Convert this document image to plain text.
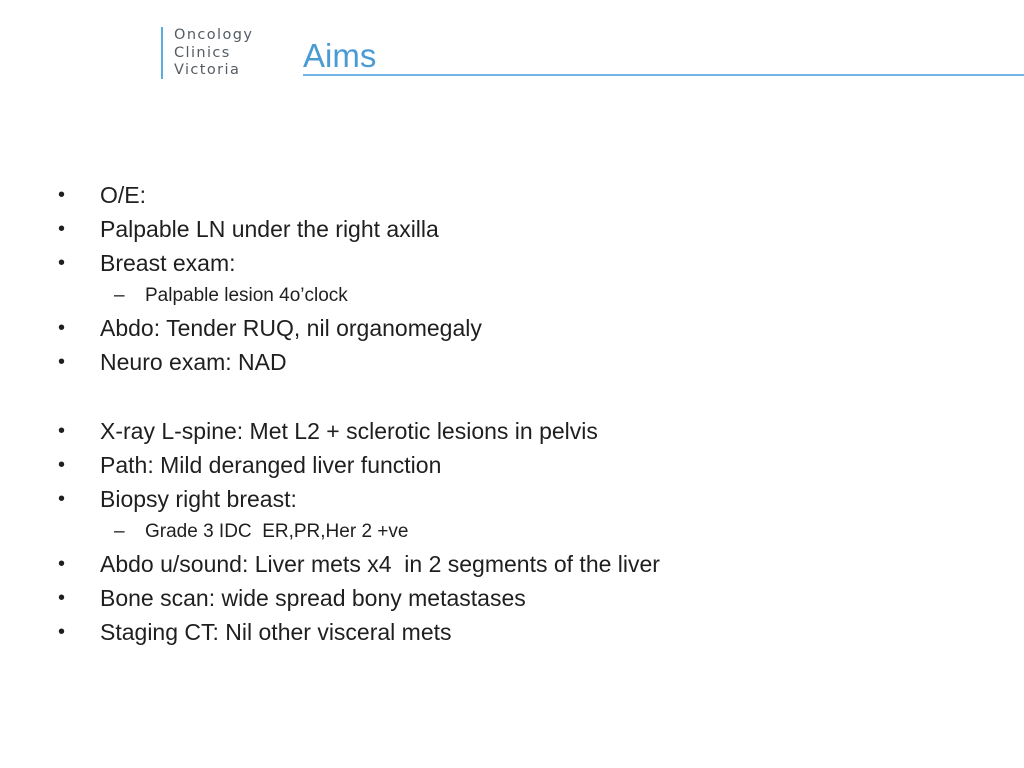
Oncology
Clinics
Victoria	Aims
• O/E:
• Palpable LN under the right axilla
• Breast exam:
– Palpable lesion 4o’clock
• Abdo: Tender RUQ, nil organomegaly
• Neuro exam: NAD
• X-ray L-spine: Met L2 + sclerotic lesions in pelvis
• Path: Mild deranged liver function
• Biopsy right breast:
– Grade 3 IDC  ER,PR,Her 2 +ve
• Abdo u/sound: Liver mets x4  in 2 segments of the liver
• Bone scan: wide spread bony metastases
• Staging CT: Nil other visceral mets
